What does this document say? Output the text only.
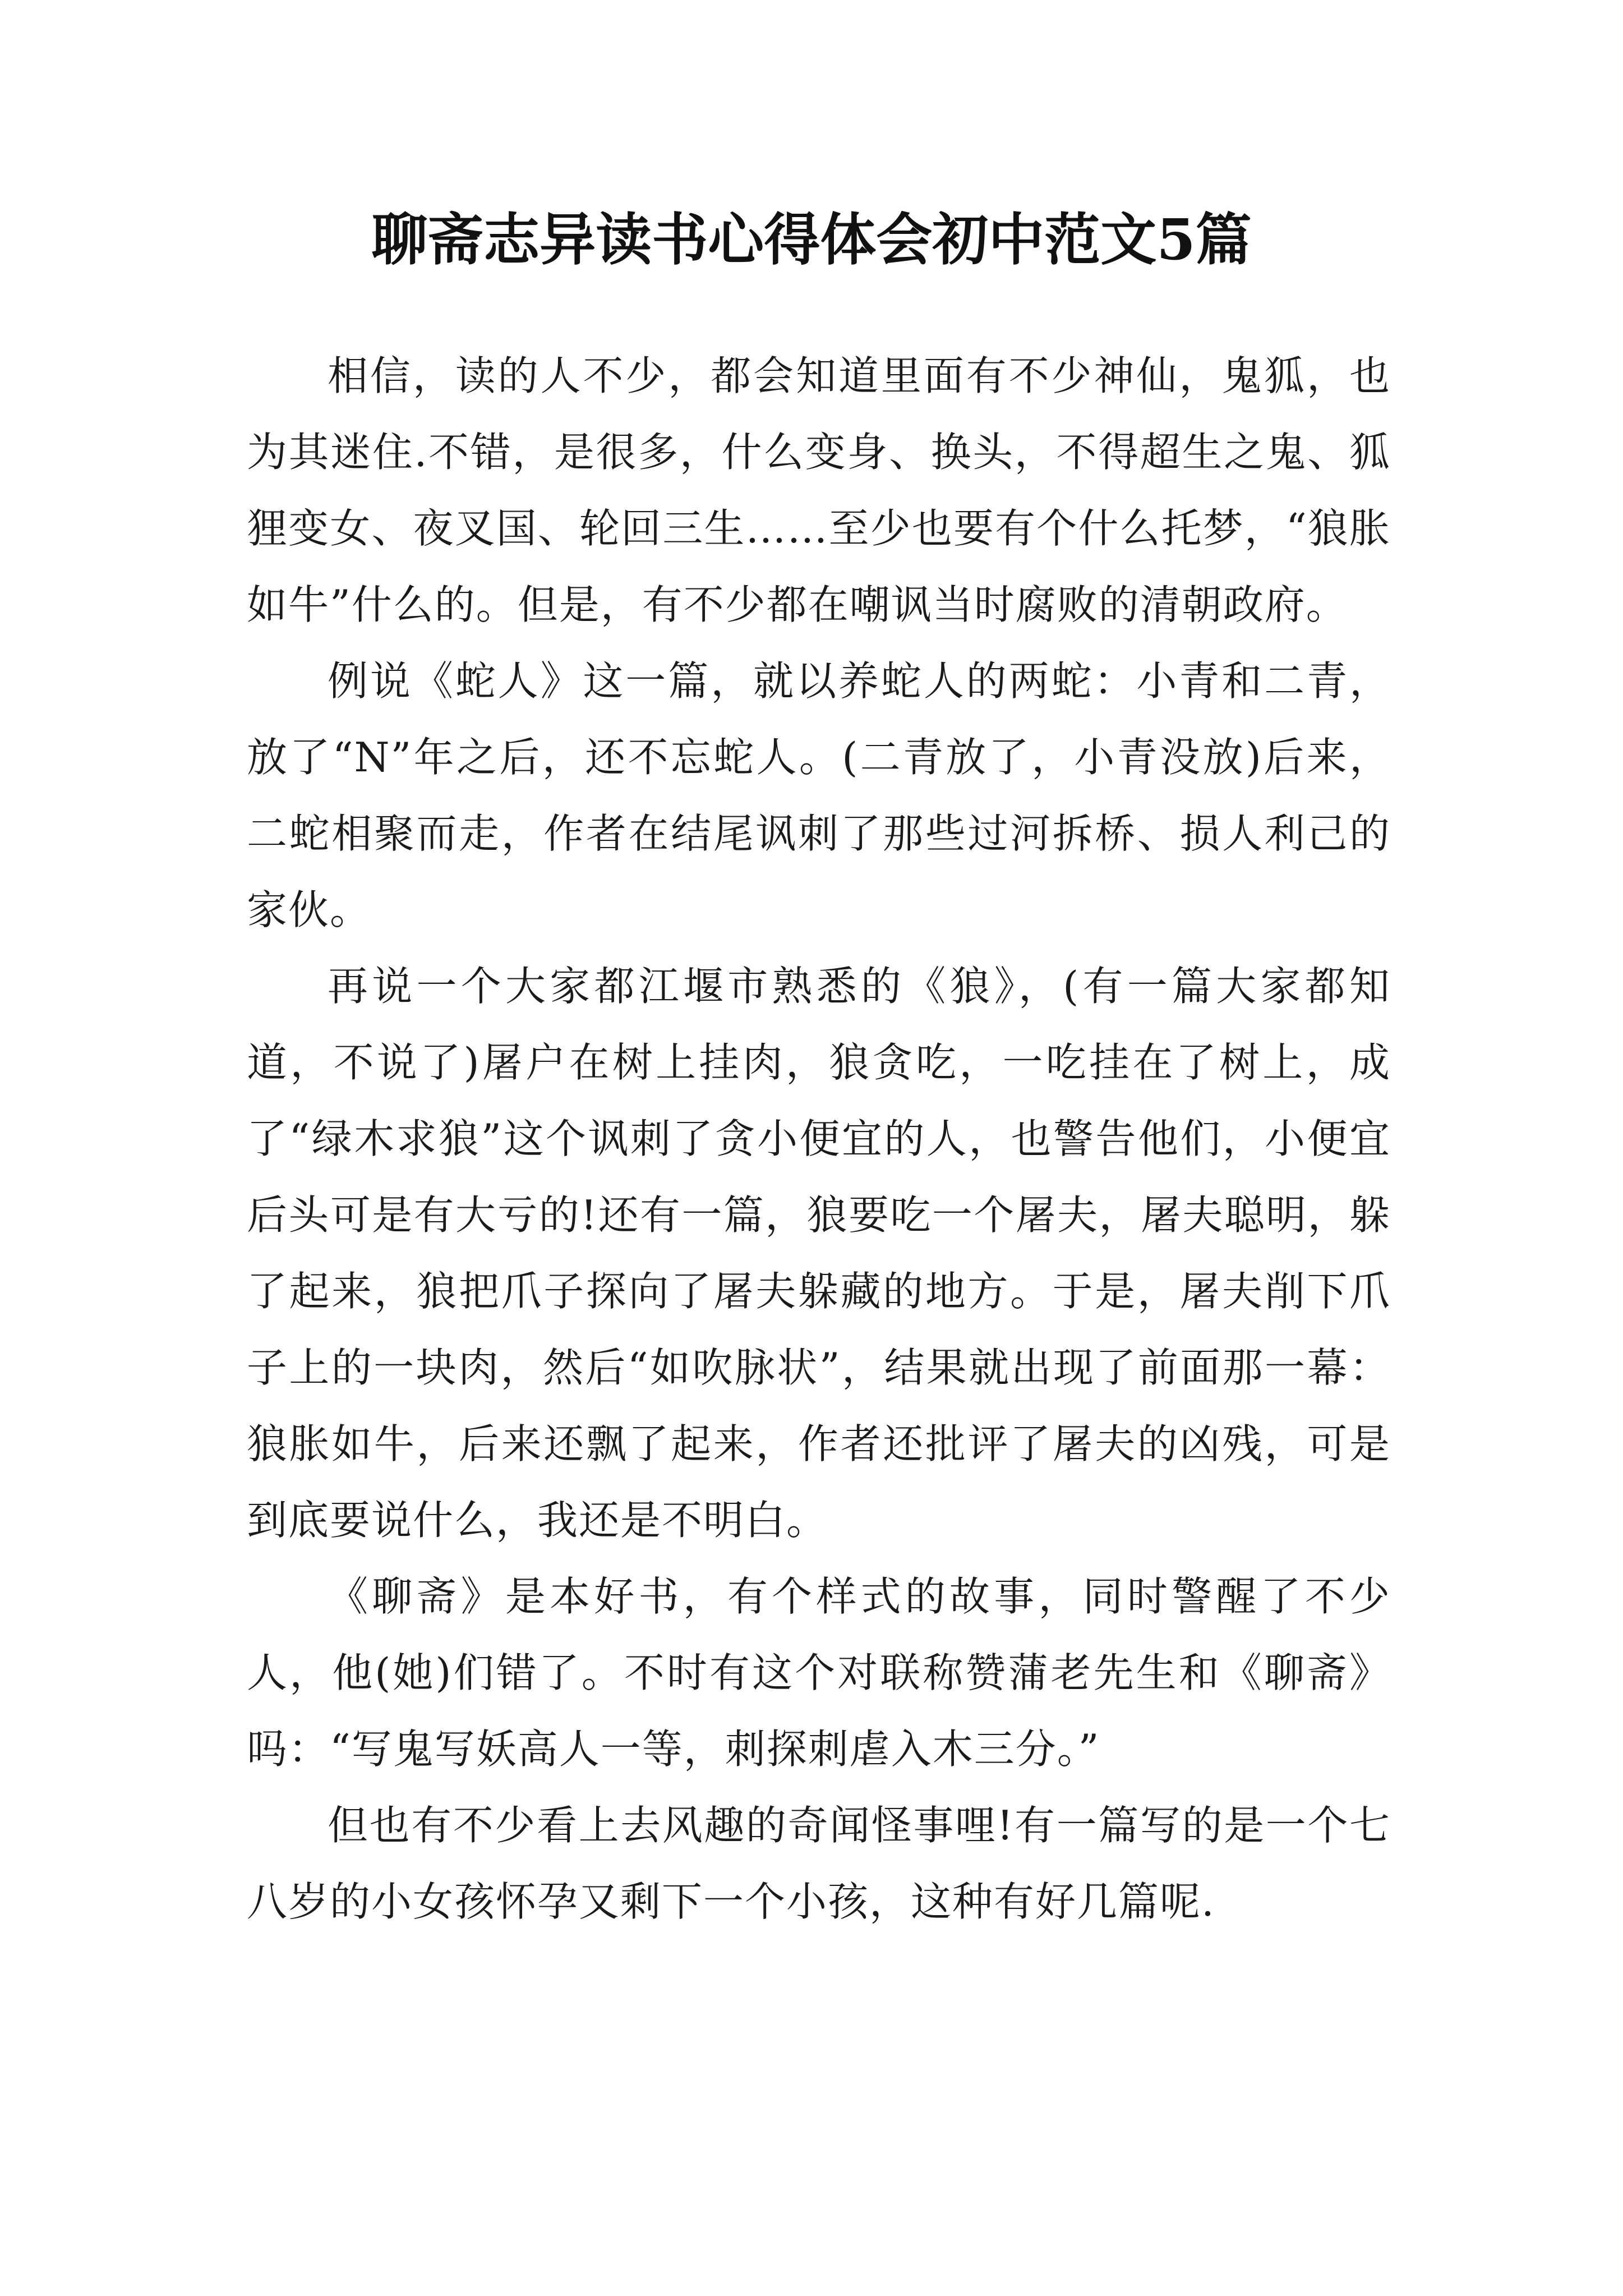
聊斋志异读书心得体会初中范文5篇

相信，读的人不少，都会知道里面有不少神仙，鬼狐，也为其迷住.不错，是很多，什么变身、换头，不得超生之鬼、狐狸变女、夜叉国、轮回三生……至少也要有个什么托梦，“狼胀如牛”什么的。但是，有不少都在嘲讽当时腐败的清朝政府。

例说《蛇人》这一篇，就以养蛇人的两蛇：小青和二青，放了“N”年之后，还不忘蛇人。(二青放了，小青没放)后来，二蛇相聚而走，作者在结尾讽刺了那些过河拆桥、损人利己的家伙。

再说一个大家都江堰市熟悉的《狼》，(有一篇大家都知道，不说了)屠户在树上挂肉，狼贪吃，一吃挂在了树上，成了“绿木求狼”这个讽刺了贪小便宜的人，也警告他们，小便宜后头可是有大亏的!还有一篇，狼要吃一个屠夫，屠夫聪明，躲了起来，狼把爪子探向了屠夫躲藏的地方。于是，屠夫削下爪子上的一块肉，然后“如吹脉状”，结果就出现了前面那一幕：狼胀如牛，后来还飘了起来，作者还批评了屠夫的凶残，可是到底要说什么，我还是不明白。

《聊斋》是本好书，有个样式的故事，同时警醒了不少人，他(她)们错了。不时有这个对联称赞蒲老先生和《聊斋》吗：“写鬼写妖高人一等，刺探刺虐入木三分。”

但也有不少看上去风趣的奇闻怪事哩!有一篇写的是一个七八岁的小女孩怀孕又剩下一个小孩，这种有好几篇呢.
